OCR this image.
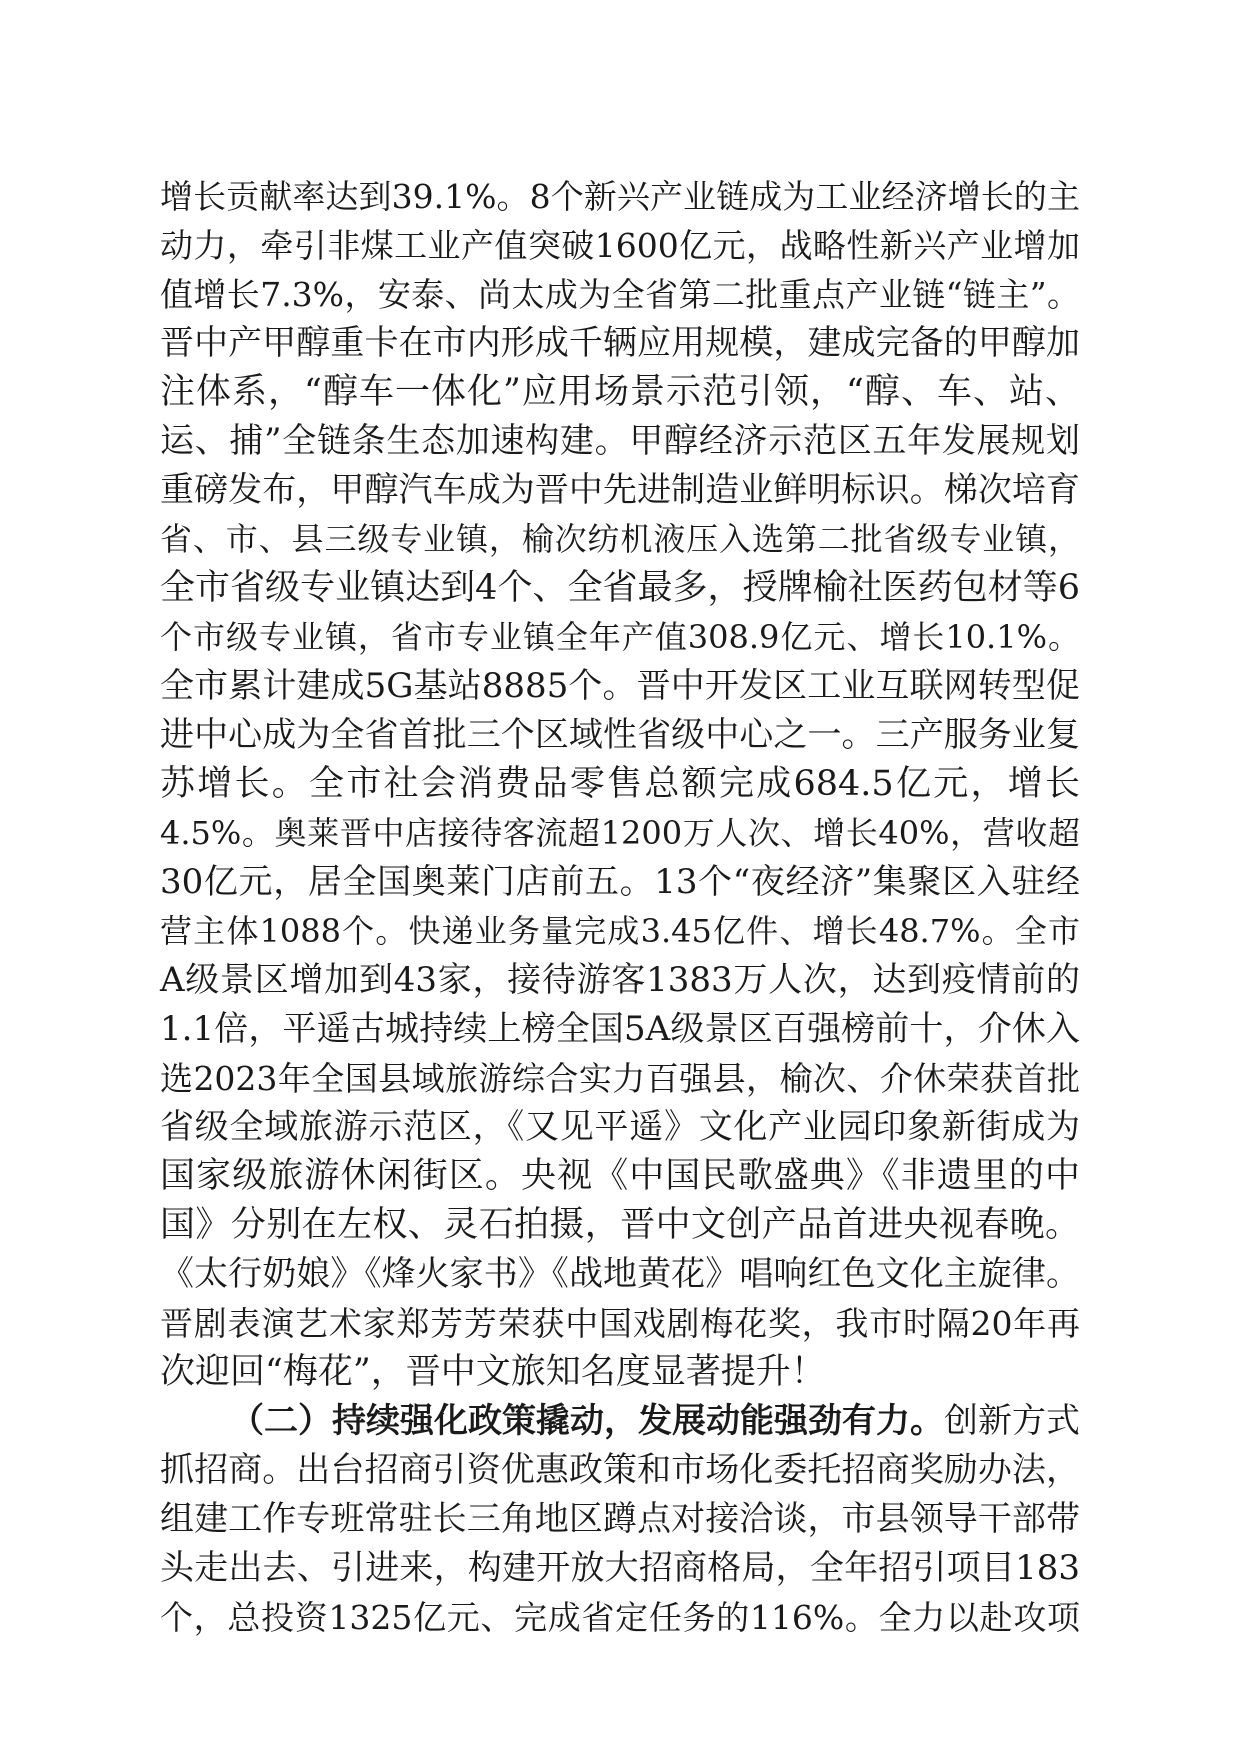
增长贡献率达到39.1%。8个新兴产业链成为工业经济增长的主
动力，牵引非煤工业产值突破1600亿元，战略性新兴产业增加
值增长7.3%，安泰、尚太成为全省第二批重点产业链“链主”。
晋中产甲醇重卡在市内形成千辆应用规模，建成完备的甲醇加
注体系，“醇车一体化”应用场景示范引领，“醇、车、站、
运、捕”全链条生态加速构建。甲醇经济示范区五年发展规划
重磅发布，甲醇汽车成为晋中先进制造业鲜明标识。梯次培育
省、市、县三级专业镇，榆次纺机液压入选第二批省级专业镇，
全市省级专业镇达到4个、全省最多，授牌榆社医药包材等6
个市级专业镇，省市专业镇全年产值308.9亿元、增长10.1%。
全市累计建成5G基站8885个。晋中开发区工业互联网转型促
进中心成为全省首批三个区域性省级中心之一。三产服务业复
苏增长。全市社会消费品零售总额完成684.5亿元，增长
4.5%。奥莱晋中店接待客流超1200万人次、增长40%，营收超
30亿元，居全国奥莱门店前五。13个“夜经济”集聚区入驻经
营主体1088个。快递业务量完成3.45亿件、增长48.7%。全市
A级景区增加到43家，接待游客1383万人次，达到疫情前的
1.1倍，平遥古城持续上榜全国5A级景区百强榜前十，介休入
选2023年全国县域旅游综合实力百强县，榆次、介休荣获首批
省级全域旅游示范区，《又见平遥》文化产业园印象新街成为
国家级旅游休闲街区。央视《中国民歌盛典》《非遗里的中
国》分别在左权、灵石拍摄，晋中文创产品首进央视春晚。
《太行奶娘》《烽火家书》《战地黄花》唱响红色文化主旋律。
晋剧表演艺术家郑芳芳荣获中国戏剧梅花奖，我市时隔20年再
次迎回“梅花”，晋中文旅知名度显著提升！
（二）持续强化政策撬动，发展动能强劲有力。创新方式
抓招商。出台招商引资优惠政策和市场化委托招商奖励办法，
组建工作专班常驻长三角地区蹲点对接洽谈，市县领导干部带
头走出去、引进来，构建开放大招商格局，全年招引项目183
个，总投资1325亿元、完成省定任务的116%。全力以赴攻项
